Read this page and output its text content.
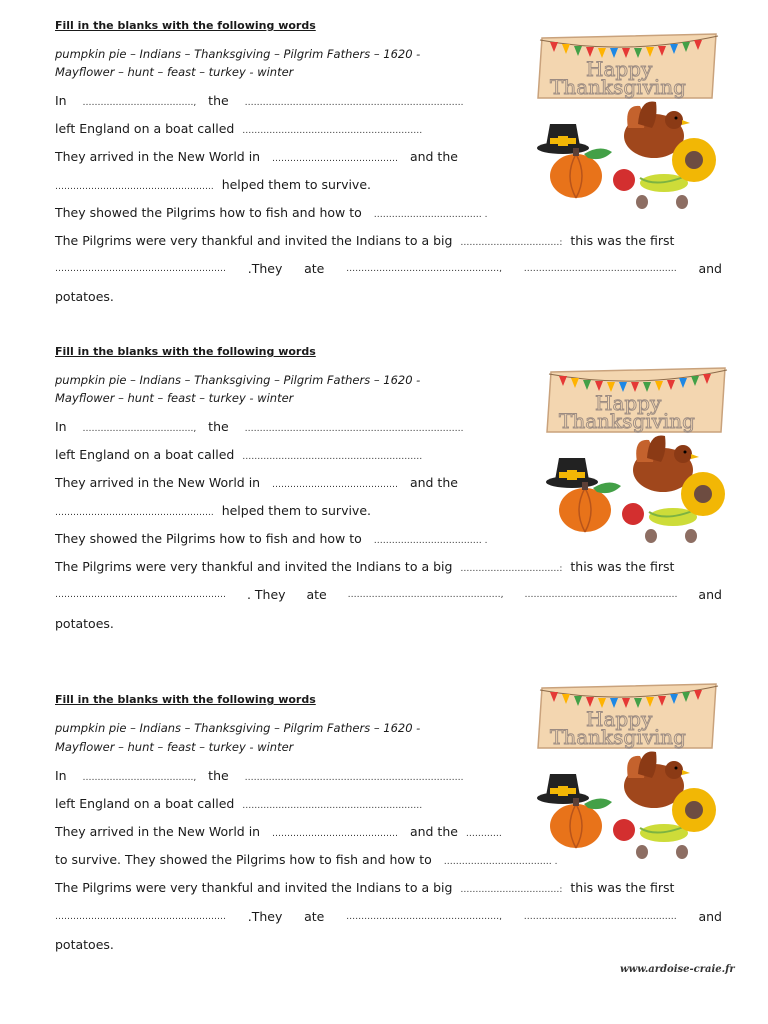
Fill in the blanks with the following words
pumpkin pie – Indians – Thanksgiving – Pilgrim Fathers – 1620 -
Mayflower – hunt – feast – turkey - winter
In ………………………………., the ……………………………………………………………….
left England on a boat called ……………………………………………………
They arrived in the New World in …………………………………… and the
…………………………………………….. helped them to survive.
They showed the Pilgrims how to fish and how to ……………………………… .
The Pilgrims were very thankful and invited the Indians to a big ……………………………: this was the first
………………………………………………… .They ate ……………………………………………, …………………………………………… and
potatoes.
Happy
Thanksgiving
Fill in the blanks with the following words
pumpkin pie – Indians – Thanksgiving – Pilgrim Fathers – 1620 -
Mayflower – hunt – feast – turkey - winter
In ………………………………., the ……………………………………………………………….
left England on a boat called ……………………………………………………
They arrived in the New World in …………………………………… and the
…………………………………………….. helped them to survive.
They showed the Pilgrims how to fish and how to ……………………………… .
The Pilgrims were very thankful and invited the Indians to a big ……………………………: this was the first
………………………………………………… . They ate ……………………………………………, …………………………………………… and
potatoes.
Happy
Thanksgiving
Fill in the blanks with the following words
pumpkin pie – Indians – Thanksgiving – Pilgrim Fathers – 1620 -
Mayflower – hunt – feast – turkey - winter
In ………………………………., the ……………………………………………………………….
left England on a boat called ……………………………………………………
They arrived in the New World in …………………………………… and the …………
to survive. They showed the Pilgrims how to fish and how to ……………………………… .
The Pilgrims were very thankful and invited the Indians to a big ……………………………: this was the first
………………………………………………… .They ate ……………………………………………, …………………………………………… and
potatoes.
Happy
Thanksgiving
www.ardoise-craie.fr
